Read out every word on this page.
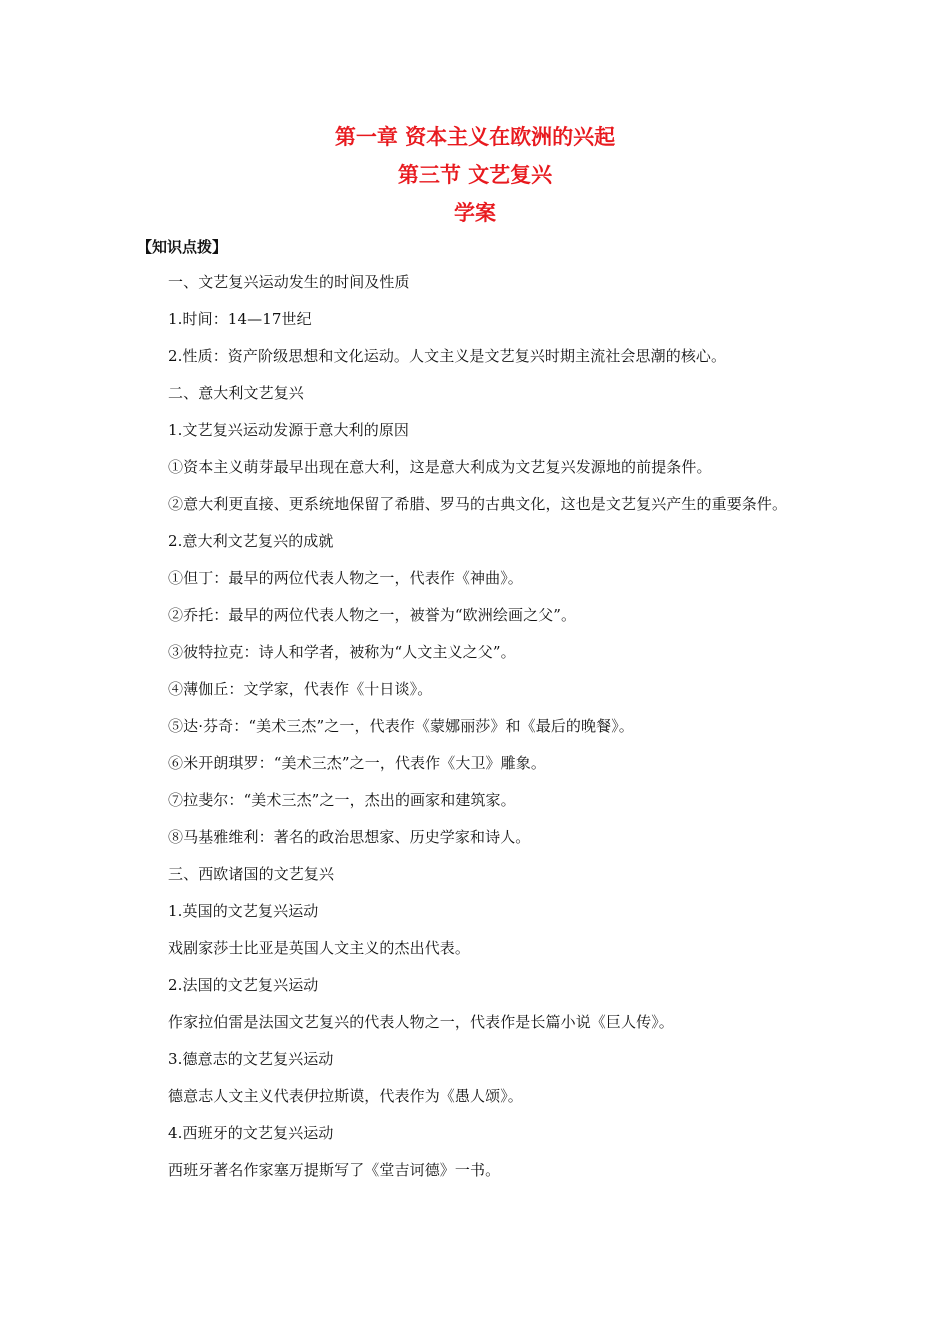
第一章 资本主义在欧洲的兴起
第三节 文艺复兴
学案
【知识点拨】

一、文艺复兴运动发生的时间及性质

1.时间：14—17世纪

2.性质：资产阶级思想和文化运动。人文主义是文艺复兴时期主流社会思潮的核心。

二、意大利文艺复兴

1.文艺复兴运动发源于意大利的原因

①资本主义萌芽最早出现在意大利，这是意大利成为文艺复兴发源地的前提条件。

②意大利更直接、更系统地保留了希腊、罗马的古典文化，这也是文艺复兴产生的重要条件。

2.意大利文艺复兴的成就

①但丁：最早的两位代表人物之一，代表作《神曲》。

②乔托：最早的两位代表人物之一，被誉为“欧洲绘画之父”。

③彼特拉克：诗人和学者，被称为“人文主义之父”。

④薄伽丘：文学家，代表作《十日谈》。

⑤达·芬奇：“美术三杰”之一，代表作《蒙娜丽莎》和《最后的晚餐》。

⑥米开朗琪罗：“美术三杰”之一，代表作《大卫》雕象。

⑦拉斐尔：“美术三杰”之一，杰出的画家和建筑家。

⑧马基雅维利：著名的政治思想家、历史学家和诗人。

三、西欧诸国的文艺复兴

1.英国的文艺复兴运动

戏剧家莎士比亚是英国人文主义的杰出代表。

2.法国的文艺复兴运动

作家拉伯雷是法国文艺复兴的代表人物之一，代表作是长篇小说《巨人传》。

3.德意志的文艺复兴运动

德意志人文主义代表伊拉斯谟，代表作为《愚人颂》。

4.西班牙的文艺复兴运动

西班牙著名作家塞万提斯写了《堂吉诃德》一书。
